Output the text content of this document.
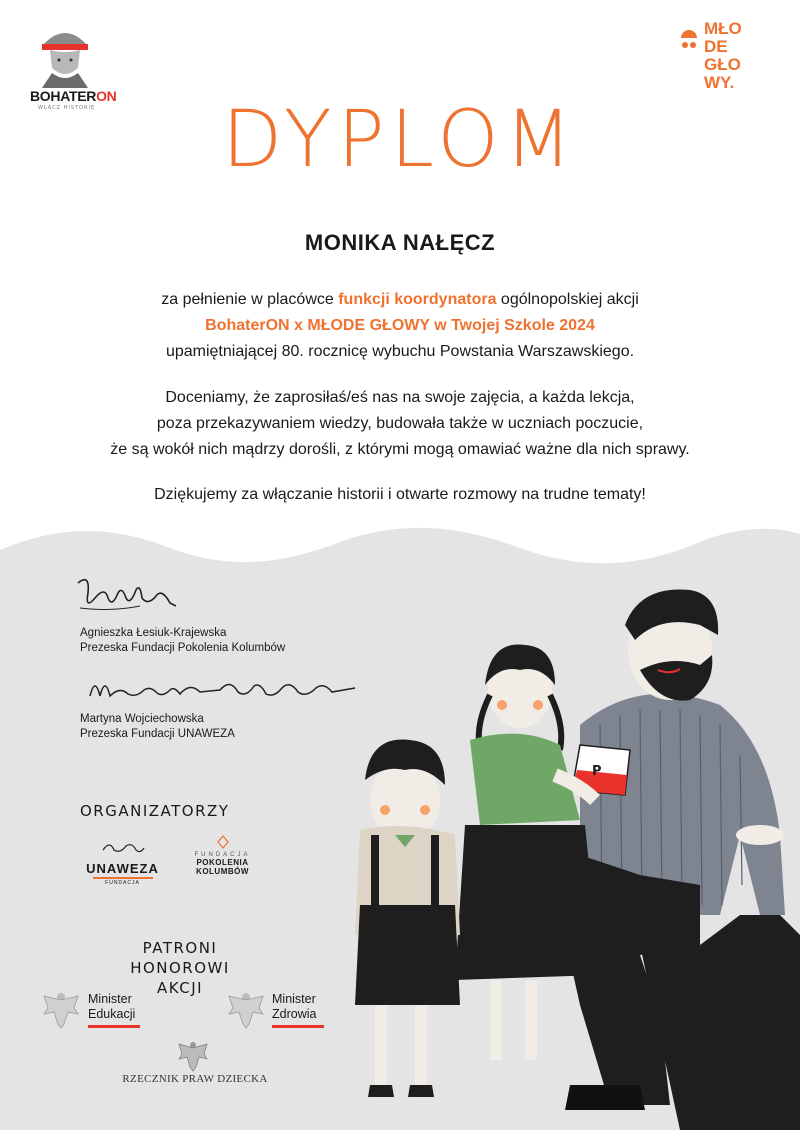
BOHATERON
WŁĄCZ HISTORIĘ
MŁO
DE
GŁO
WY.
DYPLOM
MONIKA NAŁĘCZ
za pełnienie w placówce funkcji koordynatora ogólnopolskiej akcji
BohaterON x MŁODE GŁOWY w Twojej Szkole 2024
upamiętniającej 80. rocznicę wybuchu Powstania Warszawskiego.
Doceniamy, że zaprosiłaś/eś nas na swoje zajęcia, a każda lekcja,
poza przekazywaniem wiedzy, budowała także w uczniach poczucie,
że są wokół nich mądrzy dorośli, z którymi mogą omawiać ważne dla nich sprawy.
Dziękujemy za włączanie historii i otwarte rozmowy na trudne tematy!
Agnieszka Łesiuk-Krajewska
Prezeska Fundacji Pokolenia Kolumbów
Martyna Wojciechowska
Prezeska Fundacji UNAWEZA
ORGANIZATORZY
UNAWEZA
FUNDACJA
FUNDACJA
POKOLENIA KOLUMBÓW
PATRONI HONOROWI
AKCJI
Minister
Edukacji
Minister
Zdrowia
RZECZNIK PRAW DZIECKA
P
